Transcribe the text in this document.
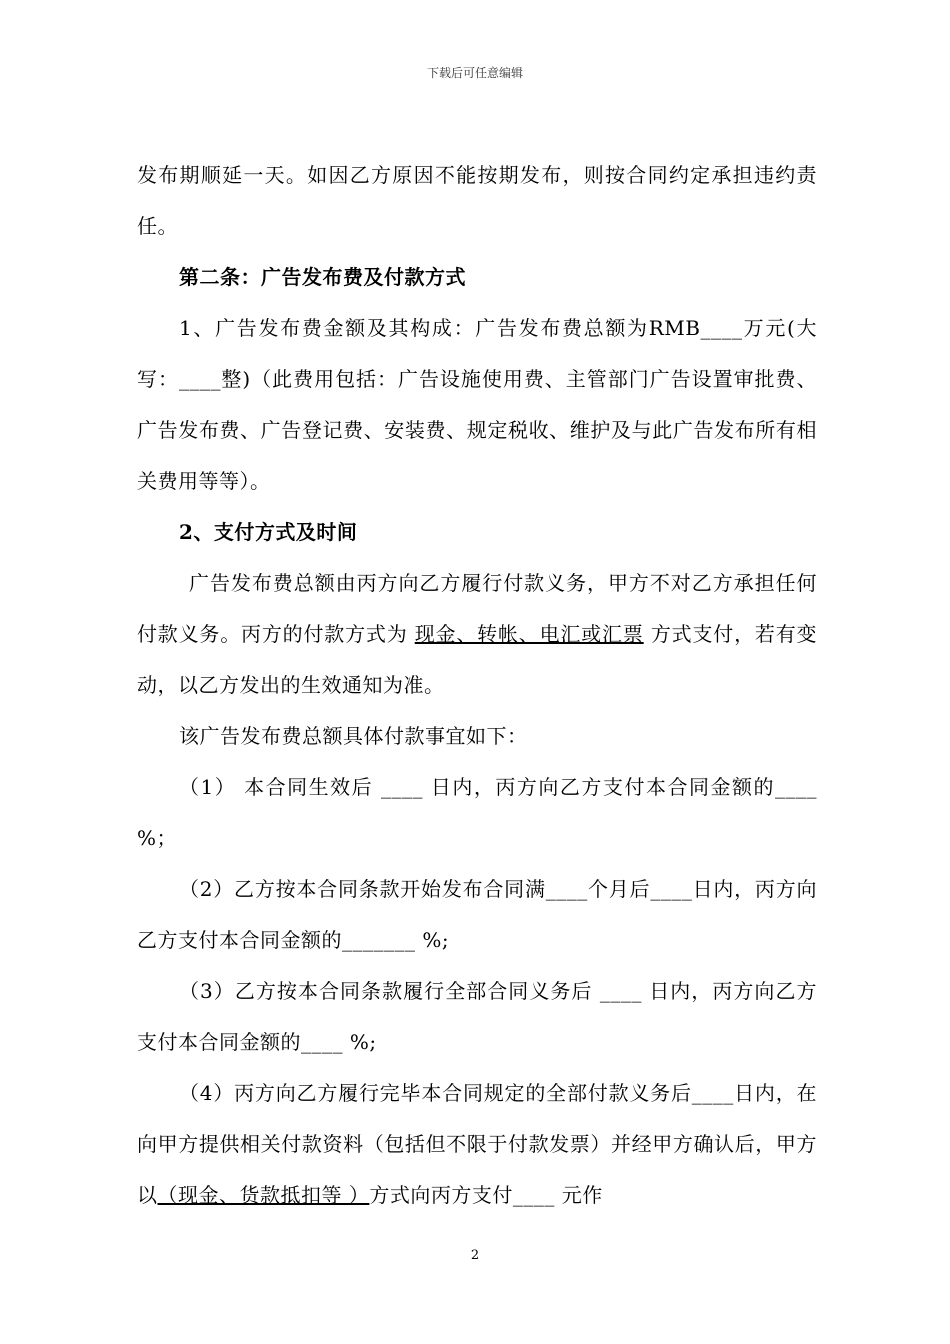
下载后可任意编辑

发布期顺延一天。如因乙方原因不能按期发布，则按合同约定承担违约责任。

第二条：广告发布费及付款方式

1、广告发布费金额及其构成：广告发布费总额为RMB____万元(大写：____整)（此费用包括：广告设施使用费、主管部门广告设置审批费、广告发布费、广告登记费、安装费、规定税收、维护及与此广告发布所有相关费用等等）。

2、支付方式及时间

广告发布费总额由丙方向乙方履行付款义务，甲方不对乙方承担任何付款义务。丙方的付款方式为 现金、转帐、电汇或汇票 方式支付，若有变动，以乙方发出的生效通知为准。

该广告发布费总额具体付款事宜如下：

（1） 本合同生效后 ____ 日内，丙方向乙方支付本合同金额的____ %；

（2）乙方按本合同条款开始发布合同满____个月后____日内，丙方向乙方支付本合同金额的_______ %;

（3）乙方按本合同条款履行全部合同义务后 ____ 日内，丙方向乙方支付本合同金额的____ %;

（4）丙方向乙方履行完毕本合同规定的全部付款义务后____日内，在向甲方提供相关付款资料（包括但不限于付款发票）并经甲方确认后，甲方以（现金、货款抵扣等 ）方式向丙方支付____ 元作

2
